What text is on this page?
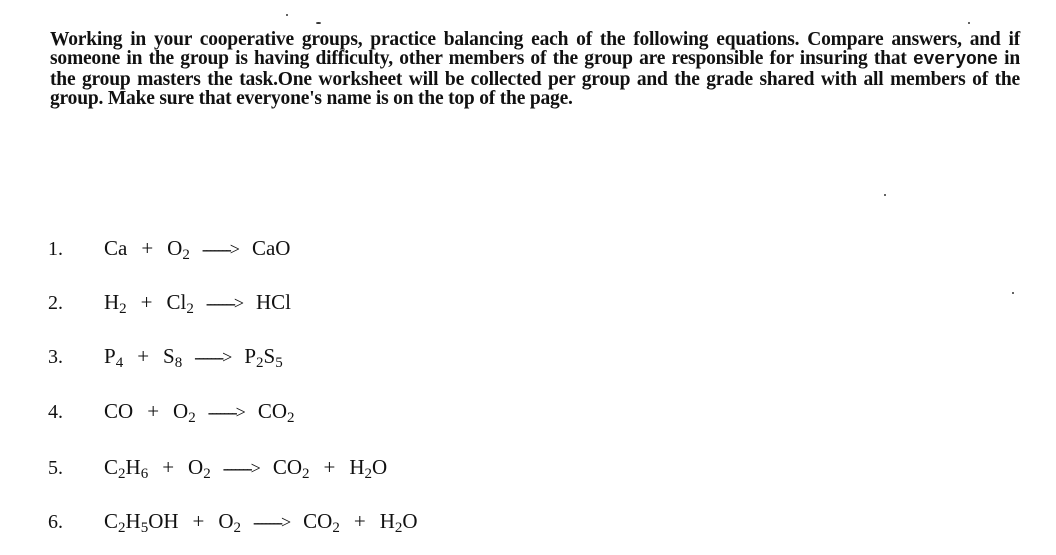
Working in your cooperative groups, practice balancing each of the following equations. Compare answers, and if someone in the group is having difficulty, other members of the group are responsible for insuring that everyone in the group masters the task.One worksheet will be collected per group and the grade shared with all members of the group. Make sure that everyone's name is on the top of the page.

1. $Ca + O_2$ -------> CaO
2. $H_2 + Cl_2$ -------> HCl
3. $P_4 + S_8$ -------> $P_2S_5$
4. CO + $O_2$ -------> $CO_2$
5. $C_2H_6 + O_2$ -------> $CO_2 + H_2O$
6. $C_2H_5OH + O_2$ -------> $CO_2 + H_2O$
